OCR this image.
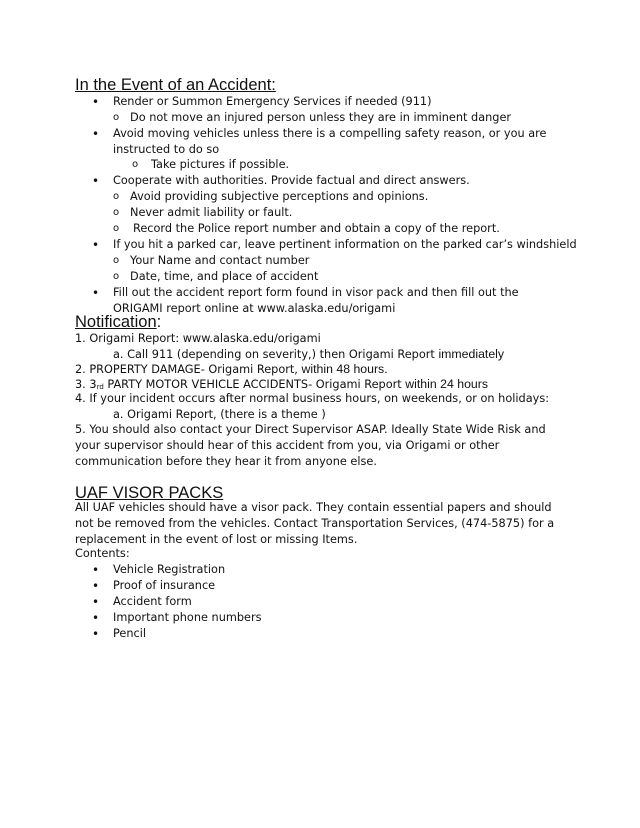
In the Event of an Accident:
• Render or Summon Emergency Services if needed (911)
o Do not move an injured person unless they are in imminent danger
• Avoid moving vehicles unless there is a compelling safety reason, or you are instructed to do so
o Take pictures if possible.
• Cooperate with authorities. Provide factual and direct answers.
o Avoid providing subjective perceptions and opinions.
o Never admit liability or fault.
o Record the Police report number and obtain a copy of the report.
• If you hit a parked car, leave pertinent information on the parked car’s windshield
o Your Name and contact number
o Date, time, and place of accident
• Fill out the accident report form found in visor pack and then fill out the ORIGAMI report online at www.alaska.edu/origami
Notification:
1. Origami Report: www.alaska.edu/origami
a. Call 911 (depending on severity,) then Origami Report immediately
2. PROPERTY DAMAGE- Origami Report, within 48 hours.
3. 3rd PARTY MOTOR VEHICLE ACCIDENTS- Origami Report within 24 hours
4. If your incident occurs after normal business hours, on weekends, or on holidays:
a. Origami Report, (there is a theme )
5. You should also contact your Direct Supervisor ASAP. Ideally State Wide Risk and your supervisor should hear of this accident from you, via Origami or other communication before they hear it from anyone else.
UAF VISOR PACKS
All UAF vehicles should have a visor pack. They contain essential papers and should not be removed from the vehicles. Contact Transportation Services, (474-5875) for a replacement in the event of lost or missing Items.
Contents:
• Vehicle Registration
• Proof of insurance
• Accident form
• Important phone numbers
• Pencil
